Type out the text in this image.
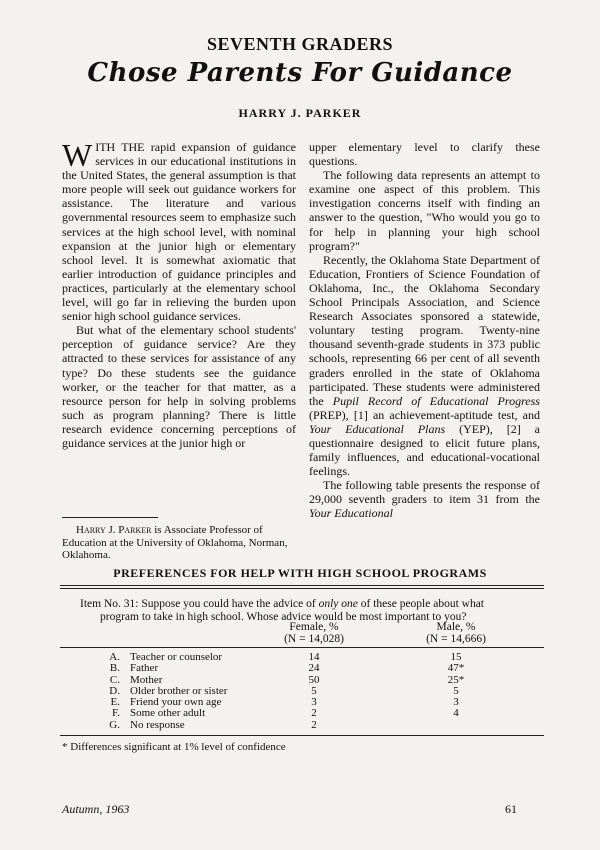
SEVENTH GRADERS
Chose Parents For Guidance
HARRY J. PARKER

WITH THE rapid expansion of guidance services in our educational institutions in the United States, the general assumption is that more people will seek out guidance workers for assistance. The literature and various governmental resources seem to emphasize such services at the high school level, with nominal expansion at the junior high or elementary school level. It is somewhat axiomatic that earlier introduction of guidance principles and practices, particularly at the elementary school level, will go far in relieving the burden upon senior high school guidance services.

But what of the elementary school students' perception of guidance service? Are they attracted to these services for assistance of any type? Do these students see the guidance worker, or the teacher for that matter, as a resource person for help in solving problems such as program planning? There is little research evidence concerning perceptions of guidance services at the junior high or

Harry J. Parker is Associate Professor of Education at the University of Oklahoma, Norman, Oklahoma.

upper elementary level to clarify these questions.

The following data represents an attempt to examine one aspect of this problem. This investigation concerns itself with finding an answer to the question, "Who would you go to for help in planning your high school program?"

Recently, the Oklahoma State Department of Education, Frontiers of Science Foundation of Oklahoma, Inc., the Oklahoma Secondary School Principals Association, and Science Research Associates sponsored a statewide, voluntary testing program. Twenty-nine thousand seventh-grade students in 373 public schools, representing 66 per cent of all seventh graders enrolled in the state of Oklahoma participated. These students were administered the Pupil Record of Educational Progress (PREP), [1] an achievement-aptitude test, and Your Educational Plans (YEP), [2] a questionnaire designed to elicit future plans, family influences, and educational-vocational feelings.

The following table presents the response of 29,000 seventh graders to item 31 from the Your Educational

PREFERENCES FOR HELP WITH HIGH SCHOOL PROGRAMS
Item No. 31: Suppose you could have the advice of only one of these people about what
program to take in high school. Whose advice would be most important to you?
Female, %
(N = 14,028)
Male, %
(N = 14,666)
A. Teacher or counselor	14	15
B. Father	24	47*
C. Mother	50	25*
D. Older brother or sister	5	5
E. Friend your own age	3	3
F. Some other adult	2	4
G. No response	2
* Differences significant at 1% level of confidence
Autumn, 1963	61
